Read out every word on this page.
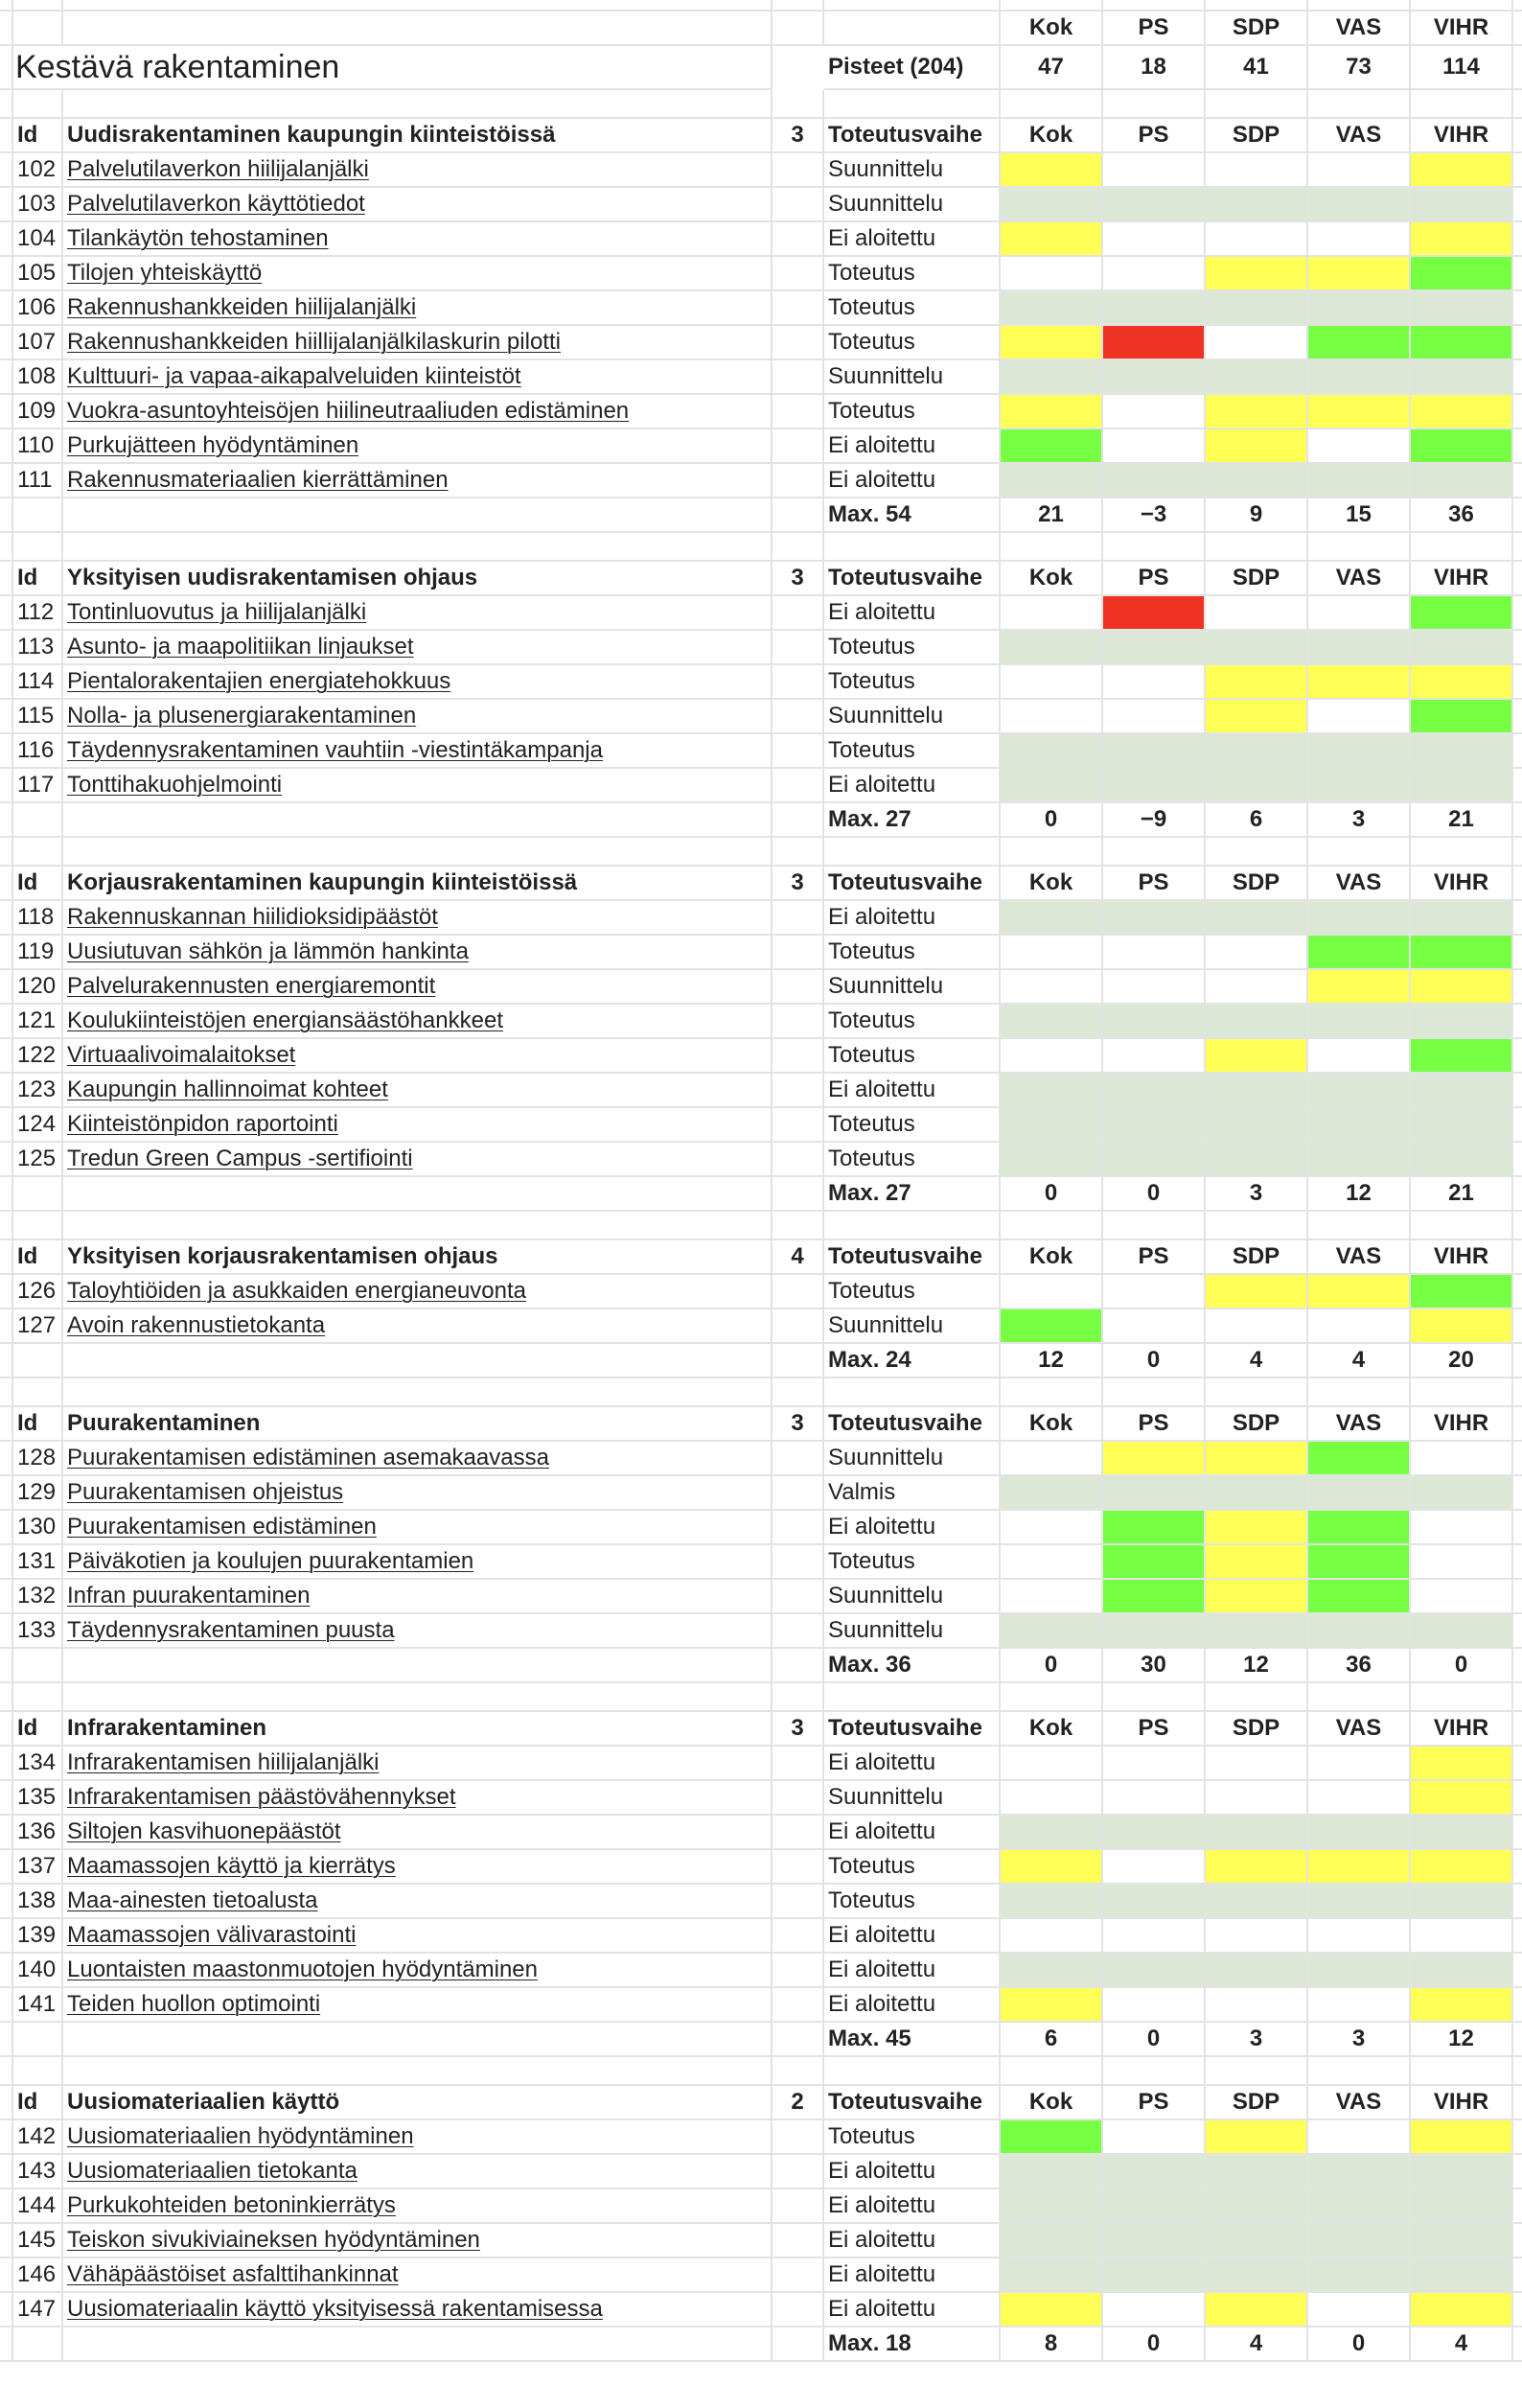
Kok	PS	SDP	VAS	VIHR
Kestävä rakentaminen	Pisteet (204)	47	18	41	73	114
Id	Uudisrakentaminen kaupungin kiinteistöissä	3	Toteutusvaihe	Kok	PS	SDP	VAS	VIHR
102 Palvelutilaverkon hiilijalanjälki	Suunnittelu
103 Palvelutilaverkon käyttötiedot	Suunnittelu
104 Tilankäytön tehostaminen	Ei aloitettu
105 Tilojen yhteiskäyttö	Toteutus
106 Rakennushankkeiden hiilijalanjälki	Toteutus
107 Rakennushankkeiden hiillijalanjälkilaskurin pilotti	Toteutus
108 Kulttuuri- ja vapaa-aikapalveluiden kiinteistöt	Suunnittelu
109 Vuokra-asuntoyhteisöjen hiilineutraaliuden edistäminen	Toteutus
110 Purkujätteen hyödyntäminen	Ei aloitettu
111 Rakennusmateriaalien kierrättäminen	Ei aloitettu
Max. 54	21	−3	9	15	36
Id	Yksityisen uudisrakentamisen ohjaus	3	Toteutusvaihe	Kok	PS	SDP	VAS	VIHR
112 Tontinluovutus ja hiilijalanjälki	Ei aloitettu
113 Asunto- ja maapolitiikan linjaukset	Toteutus
114 Pientalorakentajien energiatehokkuus	Toteutus
115 Nolla- ja plusenergiarakentaminen	Suunnittelu
116 Täydennysrakentaminen vauhtiin -viestintäkampanja	Toteutus
117 Tonttihakuohjelmointi	Ei aloitettu
Max. 27	0	−9	6	3	21
Id	Korjausrakentaminen kaupungin kiinteistöissä	3	Toteutusvaihe	Kok	PS	SDP	VAS	VIHR
118 Rakennuskannan hiilidioksidipäästöt	Ei aloitettu
119 Uusiutuvan sähkön ja lämmön hankinta	Toteutus
120 Palvelurakennusten energiaremontit	Suunnittelu
121 Koulukiinteistöjen energiansäästöhankkeet	Toteutus
122 Virtuaalivoimalaitokset	Toteutus
123 Kaupungin hallinnoimat kohteet	Ei aloitettu
124 Kiinteistönpidon raportointi	Toteutus
125 Tredun Green Campus -sertifiointi	Toteutus
Max. 27	0	0	3	12	21
Id	Yksityisen korjausrakentamisen ohjaus	4	Toteutusvaihe	Kok	PS	SDP	VAS	VIHR
126 Taloyhtiöiden ja asukkaiden energianeuvonta	Toteutus
127 Avoin rakennustietokanta	Suunnittelu
Max. 24	12	0	4	4	20
Id	Puurakentaminen	3	Toteutusvaihe	Kok	PS	SDP	VAS	VIHR
128 Puurakentamisen edistäminen asemakaavassa	Suunnittelu
129 Puurakentamisen ohjeistus	Valmis
130 Puurakentamisen edistäminen	Ei aloitettu
131 Päiväkotien ja koulujen puurakentamien	Toteutus
132 Infran puurakentaminen	Suunnittelu
133 Täydennysrakentaminen puusta	Suunnittelu
Max. 36	0	30	12	36	0
Id	Infrarakentaminen	3	Toteutusvaihe	Kok	PS	SDP	VAS	VIHR
134 Infrarakentamisen hiilijalanjälki	Ei aloitettu
135 Infrarakentamisen päästövähennykset	Suunnittelu
136 Siltojen kasvihuonepäästöt	Ei aloitettu
137 Maamassojen käyttö ja kierrätys	Toteutus
138 Maa-ainesten tietoalusta	Toteutus
139 Maamassojen välivarastointi	Ei aloitettu
140 Luontaisten maastonmuotojen hyödyntäminen	Ei aloitettu
141 Teiden huollon optimointi	Ei aloitettu
Max. 45	6	0	3	3	12
Id	Uusiomateriaalien käyttö	2	Toteutusvaihe	Kok	PS	SDP	VAS	VIHR
142 Uusiomateriaalien hyödyntäminen	Toteutus
143 Uusiomateriaalien tietokanta	Ei aloitettu
144 Purkukohteiden betoninkierrätys	Ei aloitettu
145 Teiskon sivukiviaineksen hyödyntäminen	Ei aloitettu
146 Vähäpäästöiset asfalttihankinnat	Ei aloitettu
147 Uusiomateriaalin käyttö yksityisessä rakentamisessa	Ei aloitettu
Max. 18	8	0	4	0	4
